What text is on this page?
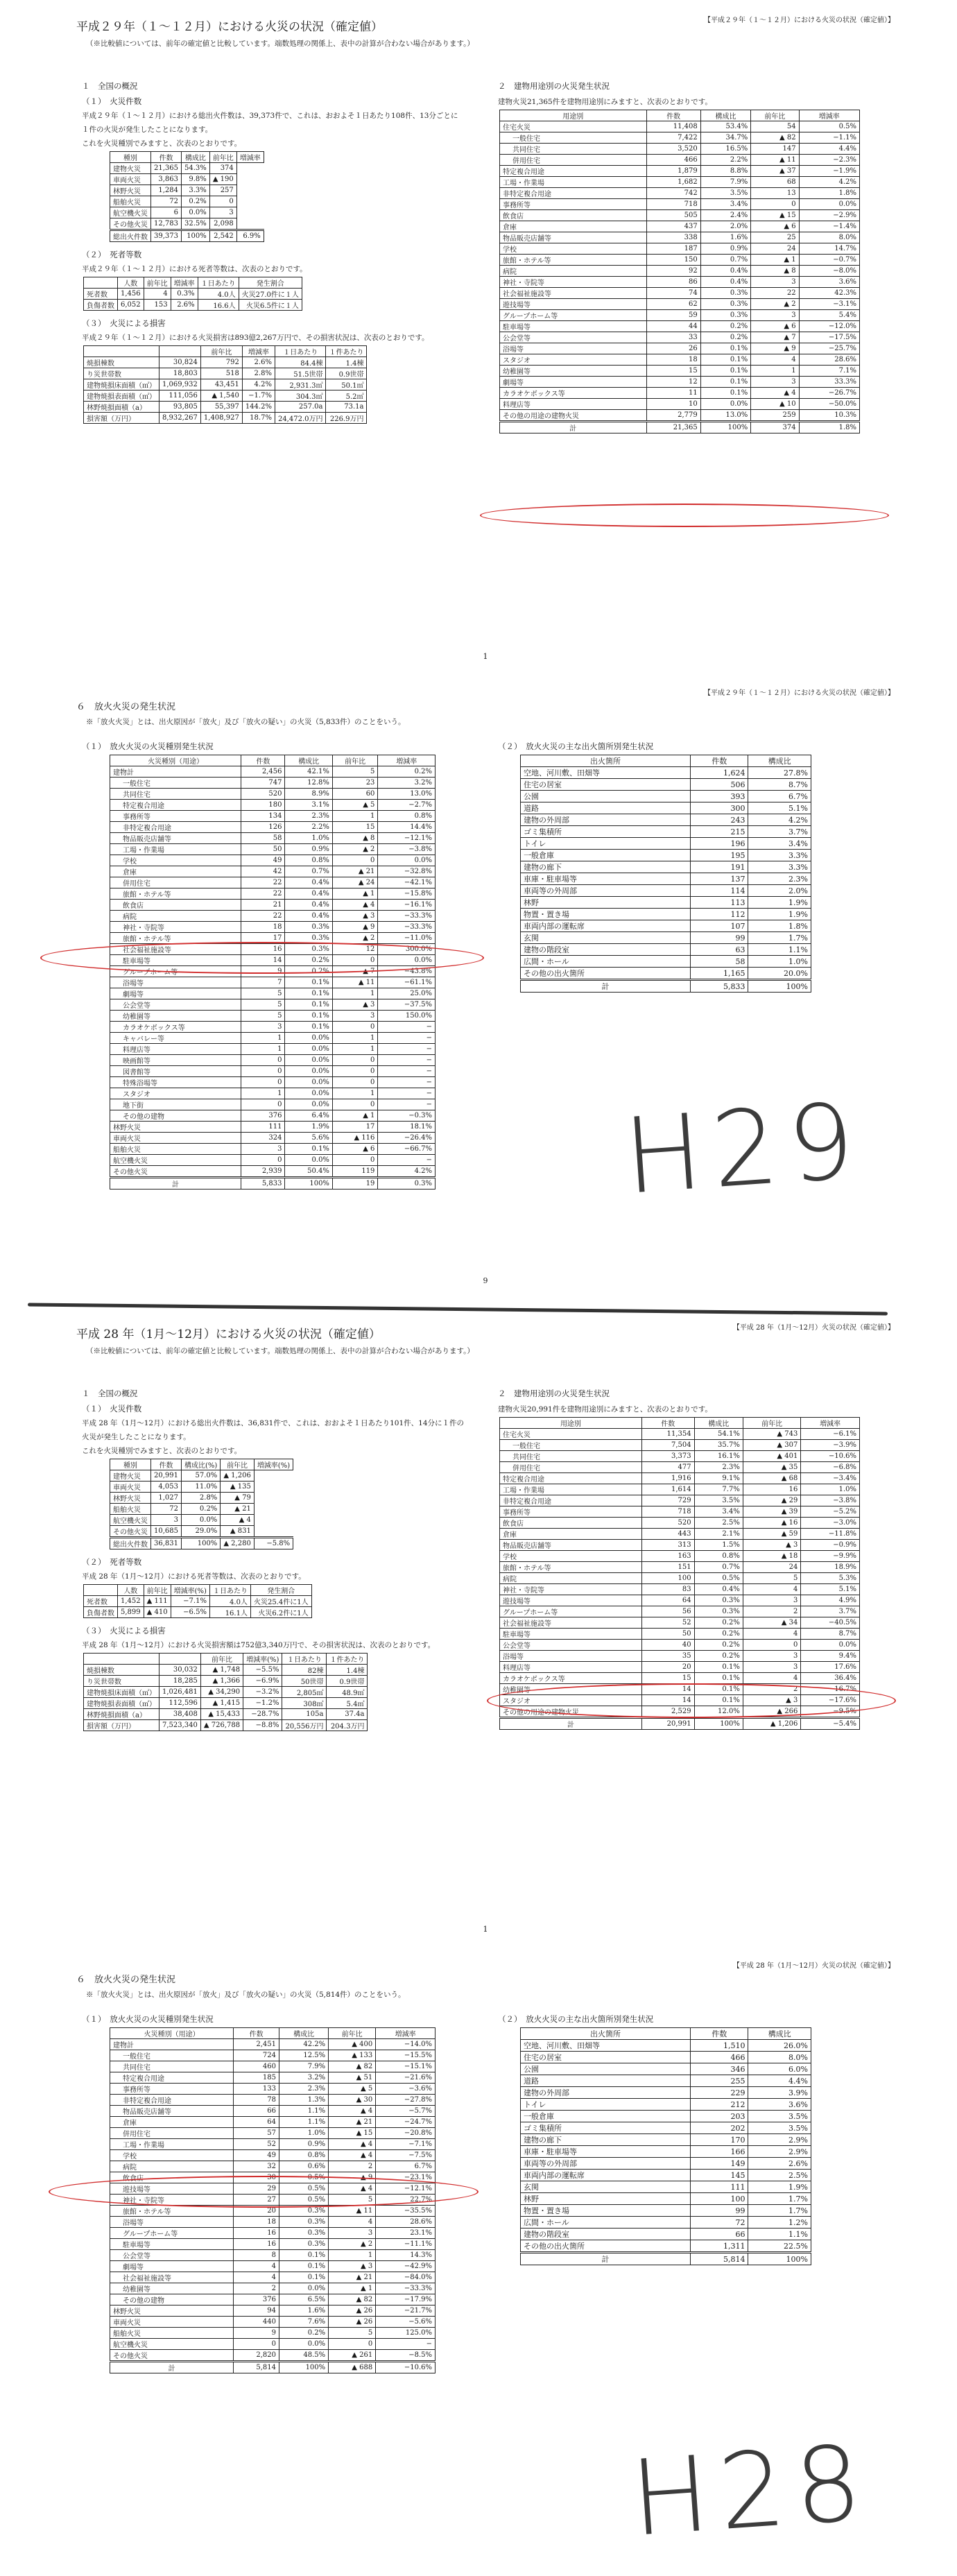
【平成２９年（１～１２月）における火災の状況（確定値）】
平成２９年（１～１２月）における火災の状況（確定値）
（※比較値については、前年の確定値と比較しています。端数処理の関係上、表中の計算が合わない場合があります。）
１　全国の概況
（１）　火災件数
平成２９年（１～１２月）における総出火件数は、39,373件で、これは、おおよそ１日あたり108件、13分ごとに１件の火災が発生したことになります。
これを火災種別でみますと、次表のとおりです。
種別	件数	構成比	前年比	増減率
建物火災	21,365	54.3%	374	
車両火災	3,863	9.8%	▲ 190	
林野火災	1,284	3.3%	257	
船舶火災	72	0.2%	0	
航空機火災	6	0.0%	3	
その他火災	12,783	32.5%	2,098	
総出火件数	39,373	100%	2,542	6.9%
（２）　死者等数
平成２９年（１～１２月）における死者等数は、次表のとおりです。
	人数	前年比	増減率	１日あたり	発生割合
死者数	1,456	4	0.3%	4.0人	火災27.0件に１人
負傷者数	6,052	153	2.6%	16.6人	火災6.5件に１人
（３）　火災による損害
平成２９年（１～１２月）における火災損害は893億2,267万円で、その損害状況は、次表のとおりです。
		前年比	増減率	１日あたり	１件あたり
焼損棟数	30,824	792	2.6%	84.4棟	1.4棟
り災世帯数	18,803	518	2.8%	51.5世帯	0.9世帯
建物焼損床面積（㎡）	1,069,932	43,451	4.2%	2,931.3㎡	50.1㎡
建物焼損表面積（㎡）	111,056	▲ 1,540	−1.7%	304.3㎡	5.2㎡
林野焼損面積（a）	93,805	55,397	144.2%	257.0a	73.1a
損害額（万円）	8,932,267	1,408,927	18.7%	24,472.0万円	226.9万円
２　建物用途別の火災発生状況
建物火災21,365件を建物用途別にみますと、次表のとおりです。
用途別	件数	構成比	前年比	増減率
住宅火災	11,408	53.4%	54	0.5%
一般住宅	7,422	34.7%	▲ 82	−1.1%
共同住宅	3,520	16.5%	147	4.4%
併用住宅	466	2.2%	▲ 11	−2.3%
特定複合用途	1,879	8.8%	▲ 37	−1.9%
工場・作業場	1,682	7.9%	68	4.2%
非特定複合用途	742	3.5%	13	1.8%
事務所等	718	3.4%	0	0.0%
飲食店	505	2.4%	▲ 15	−2.9%
倉庫	437	2.0%	▲ 6	−1.4%
物品販売店舗等	338	1.6%	25	8.0%
学校	187	0.9%	24	14.7%
旅館・ホテル等	150	0.7%	▲ 1	−0.7%
病院	92	0.4%	▲ 8	−8.0%
神社・寺院等	86	0.4%	3	3.6%
社会福祉施設等	74	0.3%	22	42.3%
遊技場等	62	0.3%	▲ 2	−3.1%
グループホーム等	59	0.3%	3	5.4%
駐車場等	44	0.2%	▲ 6	−12.0%
公会堂等	33	0.2%	▲ 7	−17.5%
浴場等	26	0.1%	▲ 9	−25.7%
スタジオ	18	0.1%	4	28.6%
幼稚園等	15	0.1%	1	7.1%
劇場等	12	0.1%	3	33.3%
カラオケボックス等	11	0.1%	▲ 4	−26.7%
料理店等	10	0.0%	▲ 10	−50.0%
その他の用途の建物火災	2,779	13.0%	259	10.3%
計	21,365	100%	374	1.8%
1
【平成２９年（１～１２月）における火災の状況（確定値）】
６　放火火災の発生状況
※「放火火災」とは、出火原因が「放火」及び「放火の疑い」の火災（5,833件）のことをいう。
（１）　放火火災の火災種別発生状況
火災種別（用途）	件数	構成比	前年比	増減率
建物計	2,456	42.1%	5	0.2%
一般住宅	747	12.8%	23	3.2%
共同住宅	520	8.9%	60	13.0%
特定複合用途	180	3.1%	▲ 5	−2.7%
事務所等	134	2.3%	1	0.8%
非特定複合用途	126	2.2%	15	14.4%
物品販売店舗等	58	1.0%	▲ 8	−12.1%
工場・作業場	50	0.9%	▲ 2	−3.8%
学校	49	0.8%	0	0.0%
倉庫	42	0.7%	▲ 21	−32.8%
併用住宅	22	0.4%	▲ 24	−42.1%
旅館・ホテル等	22	0.4%	▲ 1	−15.8%
飲食店	21	0.4%	▲ 4	−16.1%
病院	22	0.4%	▲ 3	−33.3%
神社・寺院等	18	0.3%	▲ 9	−33.3%
旅館・ホテル等	17	0.3%	▲ 2	−11.0%
社会福祉施設等	16	0.3%	12	300.0%
駐車場等	14	0.2%	0	0.0%
グループホーム等	9	0.2%	▲ 7	−43.8%
浴場等	7	0.1%	▲ 11	−61.1%
劇場等	5	0.1%	1	25.0%
公会堂等	5	0.1%	▲ 3	−37.5%
幼稚園等	5	0.1%	3	150.0%
カラオケボックス等	3	0.1%	0	−
キャバレー等	1	0.0%	1	−
料理店等	1	0.0%	1	−
映画館等	0	0.0%	0	−
図書館等	0	0.0%	0	−
特殊浴場等	0	0.0%	0	−
スタジオ	1	0.0%	1	−
地下街	0	0.0%	0	−
その他の建物	376	6.4%	▲ 1	−0.3%
林野火災	111	1.9%	17	18.1%
車両火災	324	5.6%	▲ 116	−26.4%
船舶火災	3	0.1%	▲ 6	−66.7%
航空機火災	0	0.0%	0	−
その他火災	2,939	50.4%	119	4.2%
計	5,833	100%	19	0.3%
（２）　放火火災の主な出火箇所別発生状況
出火箇所	件数	構成比
空地、河川敷、田畑等	1,624	27.8%
住宅の居室	506	8.7%
公園	393	6.7%
道路	300	5.1%
建物の外周部	243	4.2%
ゴミ集積所	215	3.7%
トイレ	196	3.4%
一般倉庫	195	3.3%
建物の廊下	191	3.3%
車庫・駐車場等	137	2.3%
車両等の外周部	114	2.0%
林野	113	1.9%
物置・置き場	112	1.9%
車両内部の運転席	107	1.8%
玄関	99	1.7%
建物の階段室	63	1.1%
広間・ホール	58	1.0%
その他の出火箇所	1,165	20.0%
計	5,833	100%
H29
9
【平成 28 年（1月〜12月）火災の状況（確定値）】
平成 28 年（1月〜12月）における火災の状況（確定値）
（※比較値については、前年の確定値と比較しています。端数処理の関係上、表中の計算が合わない場合があります。）
１　全国の概況
（１）　火災件数
平成 28 年（1月〜12月）における総出火件数は、36,831件で、これは、おおよそ１日あたり101件、14分に１件の火災が発生したことになります。
これを火災種別でみますと、次表のとおりです。
種別	件数	構成比(%)	前年比	増減率(%)
建物火災	20,991	57.0%	▲ 1,206	
車両火災	4,053	11.0%	▲ 135	
林野火災	1,027	2.8%	▲ 79	
船舶火災	72	0.2%	▲ 21	
航空機火災	3	0.0%	▲ 4	
その他火災	10,685	29.0%	▲ 831	
総出火件数	36,831	100%	▲ 2,280	−5.8%
（２）　死者等数
平成 28 年（1月〜12月）における死者等数は、次表のとおりです。
	人数	前年比	増減率(%)	１日あたり	発生割合
死者数	1,452	▲ 111	−7.1%	4.0人	火災25.4件に1人
負傷者数	5,899	▲ 410	−6.5%	16.1人	火災6.2件に1人
（３）　火災による損害
平成 28 年（1月〜12月）における火災損害額は752億3,340万円で、その損害状況は、次表のとおりです。
		前年比	増減率(%)	１日あたり	１件あたり
焼損棟数	30,032	▲ 1,748	−5.5%	82棟	1.4棟
り災世帯数	18,285	▲ 1,366	−6.9%	50世帯	0.9世帯
建物焼損床面積（㎡）	1,026,481	▲ 34,290	−3.2%	2,805㎡	48.9㎡
建物焼損表面積（㎡）	112,596	▲ 1,415	−1.2%	308㎡	5.4㎡
林野焼損面積（a）	38,408	▲ 15,433	−28.7%	105a	37.4a
損害額（万円）	7,523,340	▲ 726,788	−8.8%	20,556万円	204.3万円
２　建物用途別の火災発生状況
建物火災20,991件を建物用途別にみますと、次表のとおりです。
用途別	件数	構成比	前年比	増減率
住宅火災	11,354	54.1%	▲ 743	−6.1%
一般住宅	7,504	35.7%	▲ 307	−3.9%
共同住宅	3,373	16.1%	▲ 401	−10.6%
併用住宅	477	2.3%	▲ 35	−6.8%
特定複合用途	1,916	9.1%	▲ 68	−3.4%
工場・作業場	1,614	7.7%	16	1.0%
非特定複合用途	729	3.5%	▲ 29	−3.8%
事務所等	718	3.4%	▲ 39	−5.2%
飲食店	520	2.5%	▲ 16	−3.0%
倉庫	443	2.1%	▲ 59	−11.8%
物品販売店舗等	313	1.5%	▲ 3	−0.9%
学校	163	0.8%	▲ 18	−9.9%
旅館・ホテル等	151	0.7%	24	18.9%
病院	100	0.5%	5	5.3%
神社・寺院等	83	0.4%	4	5.1%
遊技場等	64	0.3%	3	4.9%
グループホーム等	56	0.3%	2	3.7%
社会福祉施設等	52	0.2%	▲ 34	−40.5%
駐車場等	50	0.2%	4	8.7%
公会堂等	40	0.2%	0	0.0%
浴場等	35	0.2%	3	9.4%
料理店等	20	0.1%	3	17.6%
カラオケボックス等	15	0.1%	4	36.4%
幼稚園等	14	0.1%	2	16.7%
スタジオ	14	0.1%	▲ 3	−17.6%
その他の用途の建物火災	2,529	12.0%	▲ 266	−9.5%
計	20,991	100%	▲ 1,206	−5.4%
1
【平成 28 年（1月〜12月）火災の状況（確定値）】
６　放火火災の発生状況
※「放火火災」とは、出火原因が「放火」及び「放火の疑い」の火災（5,814件）のことをいう。
（１）　放火火災の火災種別発生状況
火災種別（用途）	件数	構成比	前年比	増減率
建物計	2,451	42.2%	▲ 400	−14.0%
一般住宅	724	12.5%	▲ 133	−15.5%
共同住宅	460	7.9%	▲ 82	−15.1%
特定複合用途	185	3.2%	▲ 51	−21.6%
事務所等	133	2.3%	▲ 5	−3.6%
非特定複合用途	78	1.3%	▲ 30	−27.8%
物品販売店舗等	66	1.1%	▲ 4	−5.7%
倉庫	64	1.1%	▲ 21	−24.7%
併用住宅	57	1.0%	▲ 15	−20.8%
工場・作業場	52	0.9%	▲ 4	−7.1%
学校	49	0.8%	▲ 4	−7.5%
病院	32	0.6%	2	6.7%
飲食店	30	0.5%	▲ 9	−23.1%
遊技場等	29	0.5%	▲ 4	−12.1%
神社・寺院等	27	0.5%	5	22.7%
旅館・ホテル等	20	0.3%	▲ 11	−35.5%
浴場等	18	0.3%	4	28.6%
グループホーム等	16	0.3%	3	23.1%
駐車場等	16	0.3%	▲ 2	−11.1%
公会堂等	8	0.1%	1	14.3%
劇場等	4	0.1%	▲ 3	−42.9%
社会福祉施設等	4	0.1%	▲ 21	−84.0%
幼稚園等	2	0.0%	▲ 1	−33.3%
その他の建物	376	6.5%	▲ 82	−17.9%
林野火災	94	1.6%	▲ 26	−21.7%
車両火災	440	7.6%	▲ 26	−5.6%
船舶火災	9	0.2%	5	125.0%
航空機火災	0	0.0%	0	−
その他火災	2,820	48.5%	▲ 261	−8.5%
計	5,814	100%	▲ 688	−10.6%
（２）　放火火災の主な出火箇所別発生状況
出火箇所	件数	構成比
空地、河川敷、田畑等	1,510	26.0%
住宅の居室	466	8.0%
公園	346	6.0%
道路	255	4.4%
建物の外周部	229	3.9%
トイレ	212	3.6%
一般倉庫	203	3.5%
ゴミ集積所	202	3.5%
建物の廊下	170	2.9%
車庫・駐車場等	166	2.9%
車両等の外周部	149	2.6%
車両内部の運転席	145	2.5%
玄関	111	1.9%
林野	100	1.7%
物置・置き場	99	1.7%
広間・ホール	72	1.2%
建物の階段室	66	1.1%
その他の出火箇所	1,311	22.5%
計	5,814	100%
H28
